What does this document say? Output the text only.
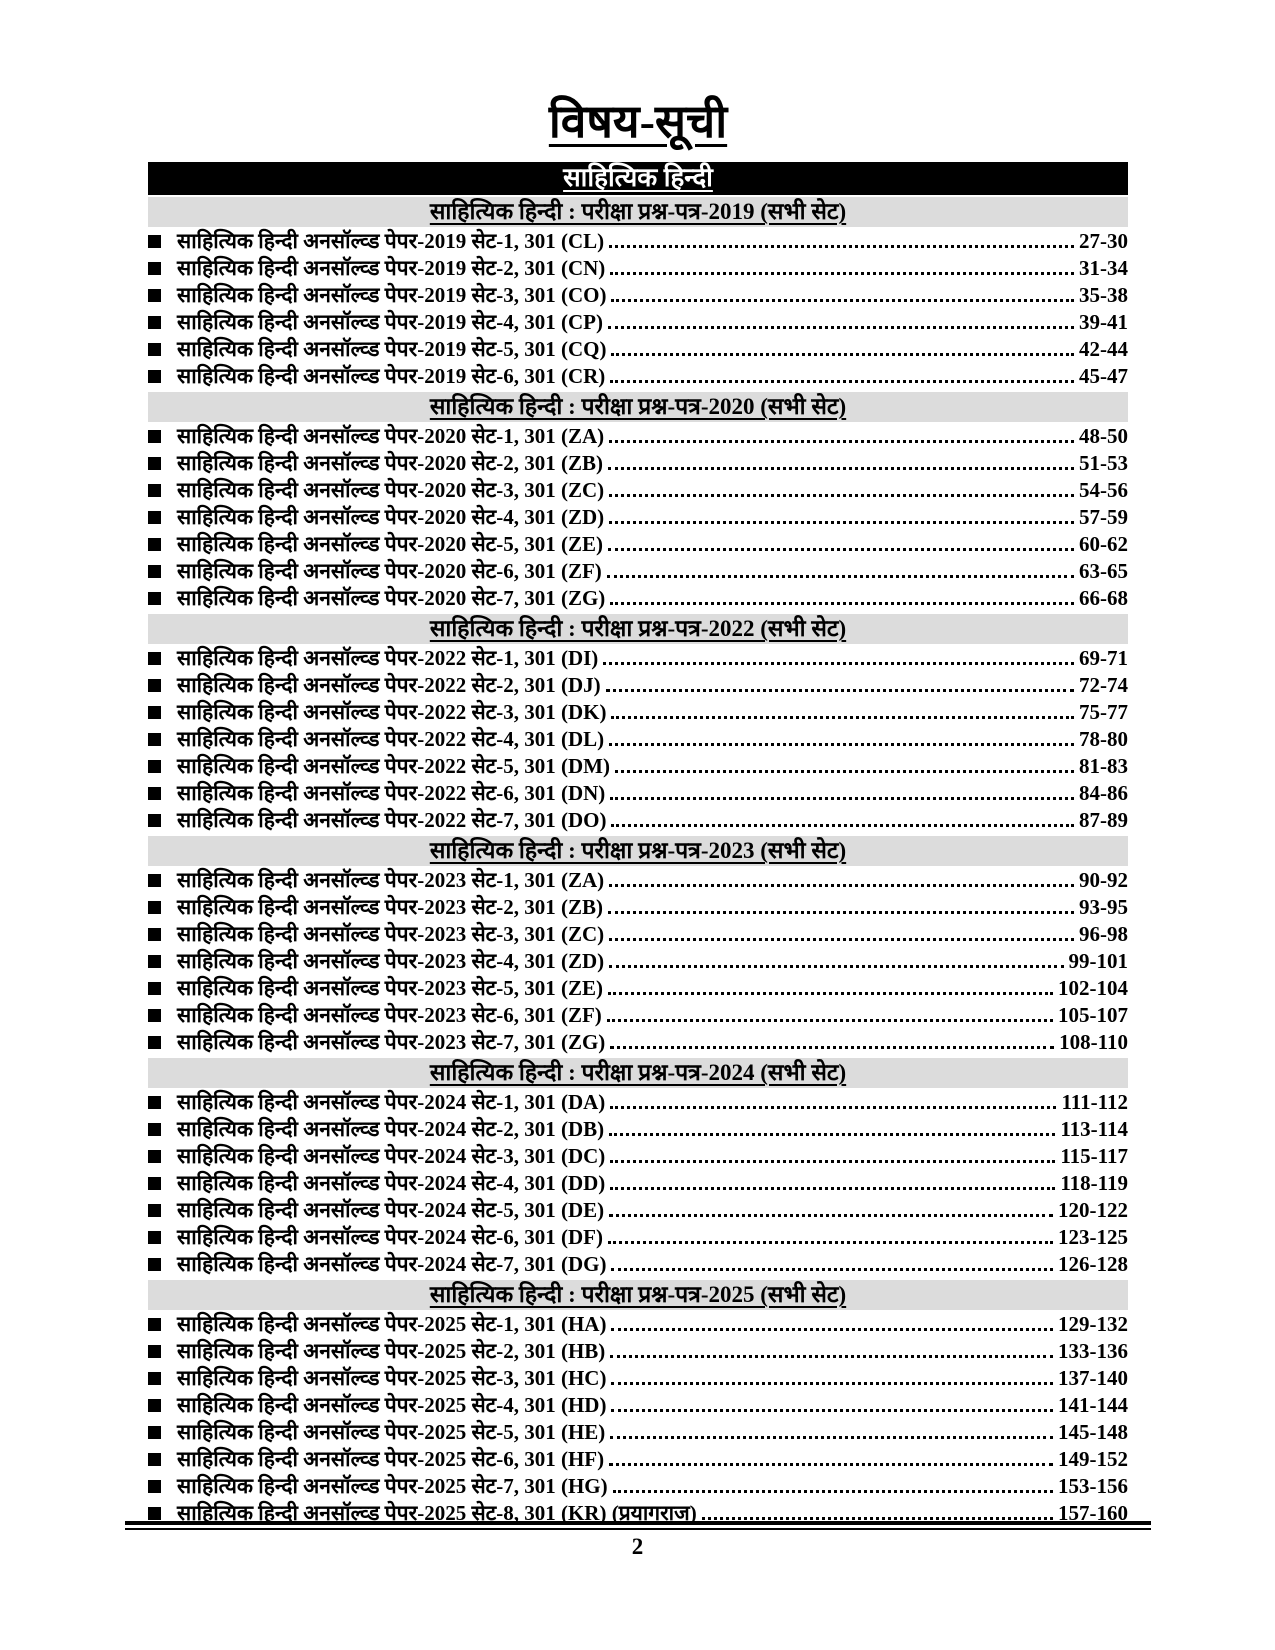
विषय-सूची
साहित्यिक हिन्दी
साहित्यिक हिन्दी : परीक्षा प्रश्न-पत्र-2019 (सभी सेट)
साहित्यिक हिन्दी अनसॉल्व्ड पेपर-2019 सेट-1, 301 (CL)	27-30
साहित्यिक हिन्दी अनसॉल्व्ड पेपर-2019 सेट-2, 301 (CN)	31-34
साहित्यिक हिन्दी अनसॉल्व्ड पेपर-2019 सेट-3, 301 (CO)	35-38
साहित्यिक हिन्दी अनसॉल्व्ड पेपर-2019 सेट-4, 301 (CP)	39-41
साहित्यिक हिन्दी अनसॉल्व्ड पेपर-2019 सेट-5, 301 (CQ)	42-44
साहित्यिक हिन्दी अनसॉल्व्ड पेपर-2019 सेट-6, 301 (CR)	45-47
साहित्यिक हिन्दी : परीक्षा प्रश्न-पत्र-2020 (सभी सेट)
साहित्यिक हिन्दी अनसॉल्व्ड पेपर-2020 सेट-1, 301 (ZA)	48-50
साहित्यिक हिन्दी अनसॉल्व्ड पेपर-2020 सेट-2, 301 (ZB)	51-53
साहित्यिक हिन्दी अनसॉल्व्ड पेपर-2020 सेट-3, 301 (ZC)	54-56
साहित्यिक हिन्दी अनसॉल्व्ड पेपर-2020 सेट-4, 301 (ZD)	57-59
साहित्यिक हिन्दी अनसॉल्व्ड पेपर-2020 सेट-5, 301 (ZE)	60-62
साहित्यिक हिन्दी अनसॉल्व्ड पेपर-2020 सेट-6, 301 (ZF)	63-65
साहित्यिक हिन्दी अनसॉल्व्ड पेपर-2020 सेट-7, 301 (ZG)	66-68
साहित्यिक हिन्दी : परीक्षा प्रश्न-पत्र-2022 (सभी सेट)
साहित्यिक हिन्दी अनसॉल्व्ड पेपर-2022 सेट-1, 301 (DI)	69-71
साहित्यिक हिन्दी अनसॉल्व्ड पेपर-2022 सेट-2, 301 (DJ)	72-74
साहित्यिक हिन्दी अनसॉल्व्ड पेपर-2022 सेट-3, 301 (DK)	75-77
साहित्यिक हिन्दी अनसॉल्व्ड पेपर-2022 सेट-4, 301 (DL)	78-80
साहित्यिक हिन्दी अनसॉल्व्ड पेपर-2022 सेट-5, 301 (DM)	81-83
साहित्यिक हिन्दी अनसॉल्व्ड पेपर-2022 सेट-6, 301 (DN)	84-86
साहित्यिक हिन्दी अनसॉल्व्ड पेपर-2022 सेट-7, 301 (DO)	87-89
साहित्यिक हिन्दी : परीक्षा प्रश्न-पत्र-2023 (सभी सेट)
साहित्यिक हिन्दी अनसॉल्व्ड पेपर-2023 सेट-1, 301 (ZA)	90-92
साहित्यिक हिन्दी अनसॉल्व्ड पेपर-2023 सेट-2, 301 (ZB)	93-95
साहित्यिक हिन्दी अनसॉल्व्ड पेपर-2023 सेट-3, 301 (ZC)	96-98
साहित्यिक हिन्दी अनसॉल्व्ड पेपर-2023 सेट-4, 301 (ZD)	99-101
साहित्यिक हिन्दी अनसॉल्व्ड पेपर-2023 सेट-5, 301 (ZE)	102-104
साहित्यिक हिन्दी अनसॉल्व्ड पेपर-2023 सेट-6, 301 (ZF)	105-107
साहित्यिक हिन्दी अनसॉल्व्ड पेपर-2023 सेट-7, 301 (ZG)	108-110
साहित्यिक हिन्दी : परीक्षा प्रश्न-पत्र-2024 (सभी सेट)
साहित्यिक हिन्दी अनसॉल्व्ड पेपर-2024 सेट-1, 301 (DA)	111-112
साहित्यिक हिन्दी अनसॉल्व्ड पेपर-2024 सेट-2, 301 (DB)	113-114
साहित्यिक हिन्दी अनसॉल्व्ड पेपर-2024 सेट-3, 301 (DC)	115-117
साहित्यिक हिन्दी अनसॉल्व्ड पेपर-2024 सेट-4, 301 (DD)	118-119
साहित्यिक हिन्दी अनसॉल्व्ड पेपर-2024 सेट-5, 301 (DE)	120-122
साहित्यिक हिन्दी अनसॉल्व्ड पेपर-2024 सेट-6, 301 (DF)	123-125
साहित्यिक हिन्दी अनसॉल्व्ड पेपर-2024 सेट-7, 301 (DG)	126-128
साहित्यिक हिन्दी : परीक्षा प्रश्न-पत्र-2025 (सभी सेट)
साहित्यिक हिन्दी अनसॉल्व्ड पेपर-2025 सेट-1, 301 (HA)	129-132
साहित्यिक हिन्दी अनसॉल्व्ड पेपर-2025 सेट-2, 301 (HB)	133-136
साहित्यिक हिन्दी अनसॉल्व्ड पेपर-2025 सेट-3, 301 (HC)	137-140
साहित्यिक हिन्दी अनसॉल्व्ड पेपर-2025 सेट-4, 301 (HD)	141-144
साहित्यिक हिन्दी अनसॉल्व्ड पेपर-2025 सेट-5, 301 (HE)	145-148
साहित्यिक हिन्दी अनसॉल्व्ड पेपर-2025 सेट-6, 301 (HF)	149-152
साहित्यिक हिन्दी अनसॉल्व्ड पेपर-2025 सेट-7, 301 (HG)	153-156
साहित्यिक हिन्दी अनसॉल्व्ड पेपर-2025 सेट-8, 301 (KR) (प्रयागराज)	157-160
2
